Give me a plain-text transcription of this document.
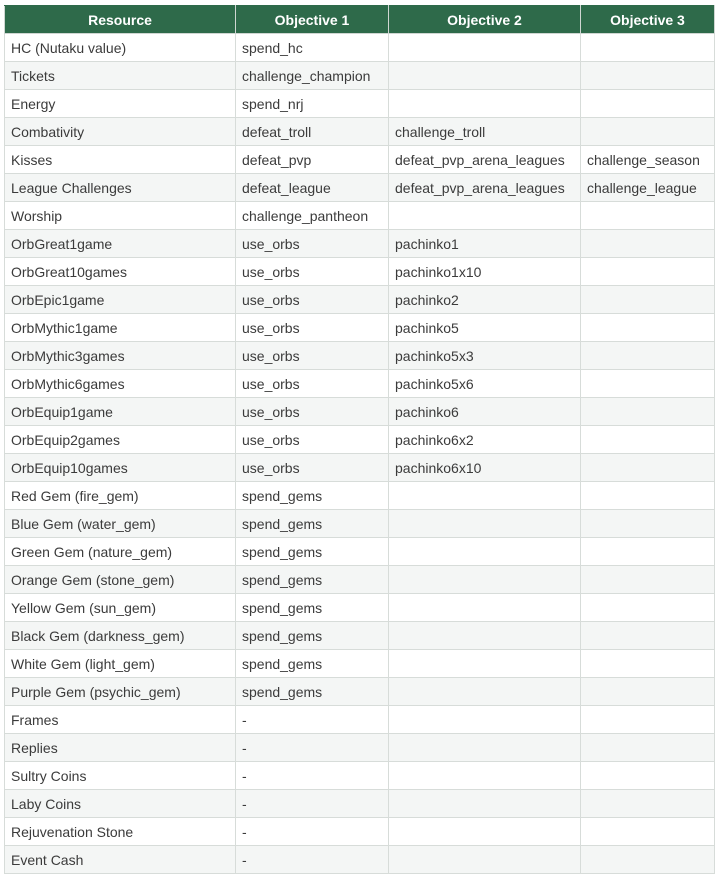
Resource	Objective 1	Objective 2	Objective 3
HC (Nutaku value)	spend_hc		
Tickets	challenge_champion		
Energy	spend_nrj		
Combativity	defeat_troll	challenge_troll	
Kisses	defeat_pvp	defeat_pvp_arena_leagues	challenge_season
League Challenges	defeat_league	defeat_pvp_arena_leagues	challenge_league
Worship	challenge_pantheon		
OrbGreat1game	use_orbs	pachinko1	
OrbGreat10games	use_orbs	pachinko1x10	
OrbEpic1game	use_orbs	pachinko2	
OrbMythic1game	use_orbs	pachinko5	
OrbMythic3games	use_orbs	pachinko5x3	
OrbMythic6games	use_orbs	pachinko5x6	
OrbEquip1game	use_orbs	pachinko6	
OrbEquip2games	use_orbs	pachinko6x2	
OrbEquip10games	use_orbs	pachinko6x10	
Red Gem (fire_gem)	spend_gems		
Blue Gem (water_gem)	spend_gems		
Green Gem (nature_gem)	spend_gems		
Orange Gem (stone_gem)	spend_gems		
Yellow Gem (sun_gem)	spend_gems		
Black Gem (darkness_gem)	spend_gems		
White Gem (light_gem)	spend_gems		
Purple Gem (psychic_gem)	spend_gems		
Frames	-		
Replies	-		
Sultry Coins	-		
Laby Coins	-		
Rejuvenation Stone	-		
Event Cash	-		
